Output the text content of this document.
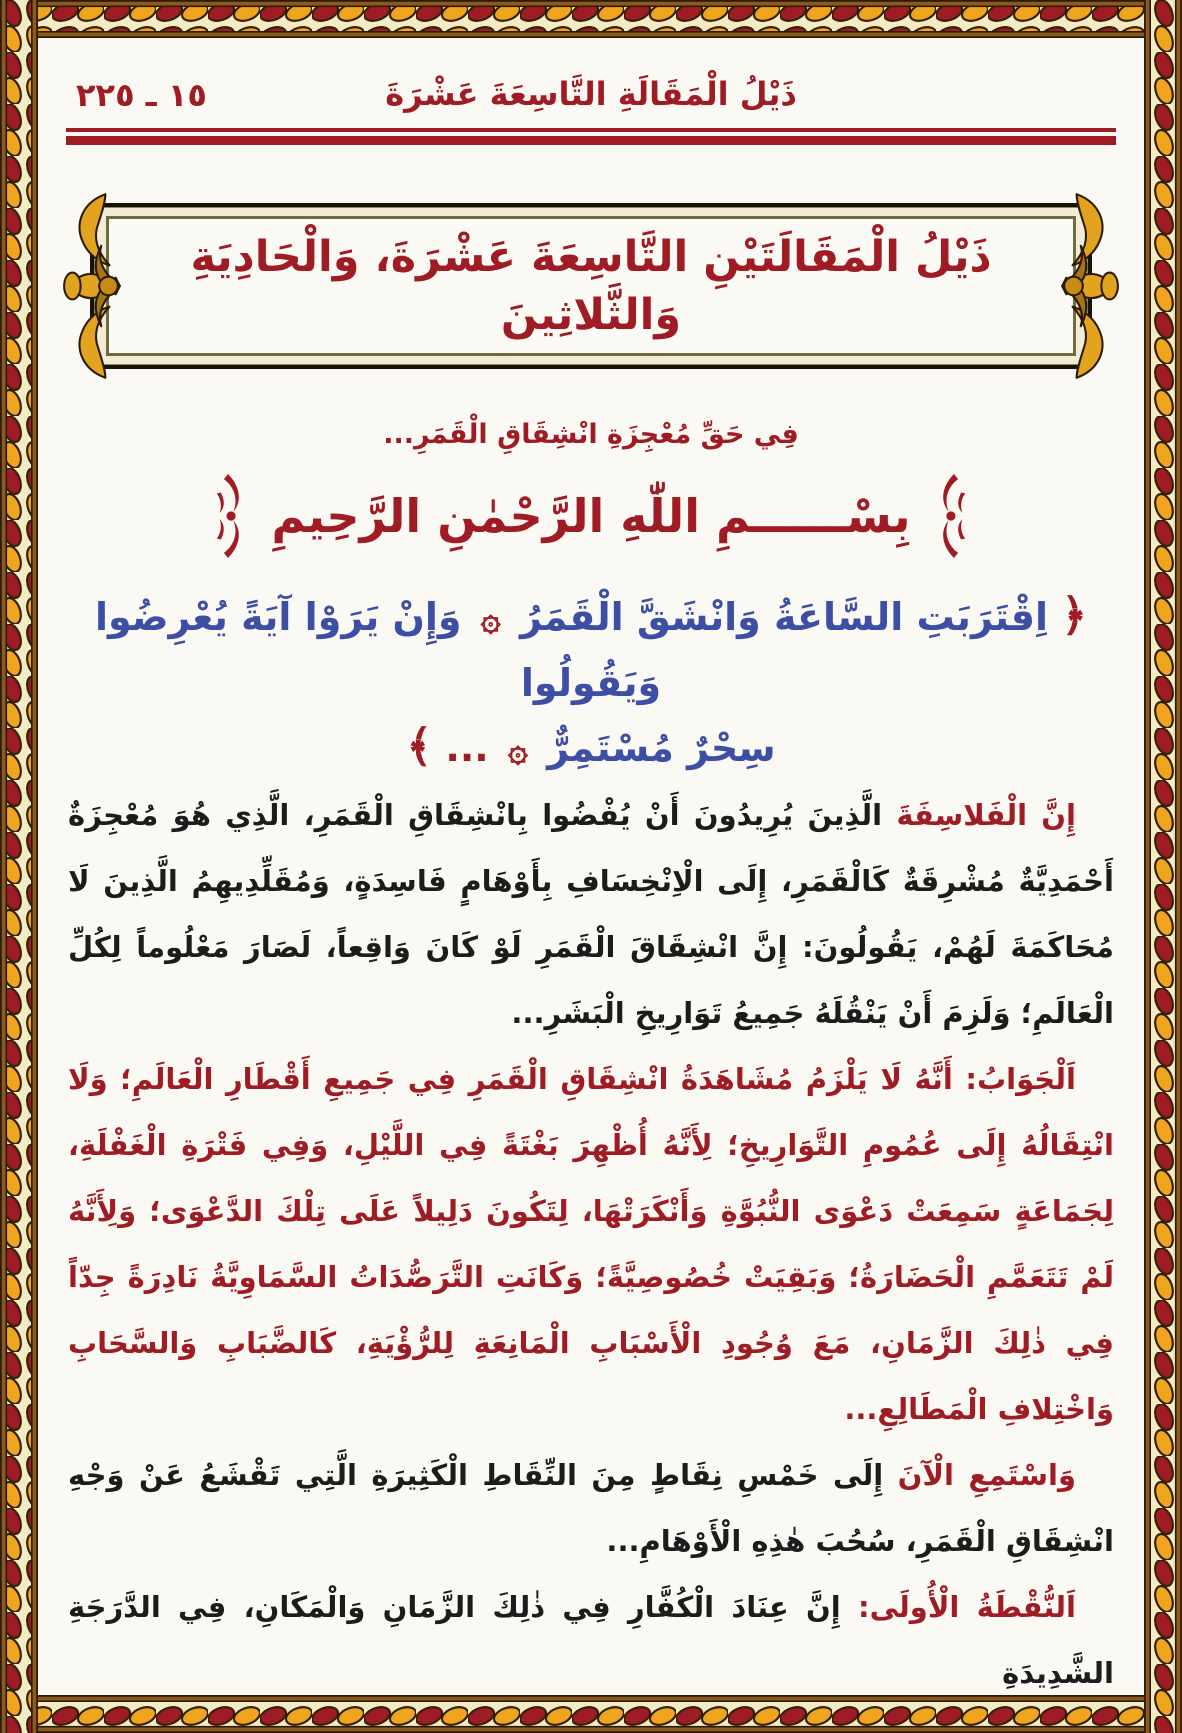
ذَيْلُ الْمَقَالَةِ التَّاسِعَةَ عَشْرَةَ
١٥ ـ ٢٢٥
ذَيْلُ الْمَقَالَتَيْنِ التَّاسِعَةَ عَشْرَةَ، وَالْحَادِيَةِ وَالثَّلاثِينَ
فِي حَقِّ مُعْجِزَةِ انْشِقَاقِ الْقَمَرِ...
بِسْــــــمِ اللّٰهِ الرَّحْمٰنِ الرَّحِيمِ
﴿ اِقْتَرَبَتِ السَّاعَةُ وَانْشَقَّ الْقَمَرُ ۞ وَإِنْ يَرَوْا آيَةً يُعْرِضُوا وَيَقُولُوا
سِحْرٌ مُسْتَمِرٌّ ۞ ... ﴾

إِنَّ الْفَلاسِفَةَ الَّذِينَ يُرِيدُونَ أَنْ يُفْضُوا بِانْشِقَاقِ الْقَمَرِ، الَّذِي هُوَ مُعْجِزَةٌ أَحْمَدِيَّةٌ مُشْرِقَةٌ كَالْقَمَرِ، إِلَى الْاِنْخِسَافِ بِأَوْهَامٍ فَاسِدَةٍ، وَمُقَلِّدِيهِمُ الَّذِينَ لَا مُحَاكَمَةَ لَهُمْ، يَقُولُونَ: إِنَّ انْشِقَاقَ الْقَمَرِ لَوْ كَانَ وَاقِعاً، لَصَارَ مَعْلُوماً لِكُلِّ الْعَالَمِ؛ وَلَزِمَ أَنْ يَنْقُلَهُ جَمِيعُ تَوَارِيخِ الْبَشَرِ...

اَلْجَوَابُ: أَنَّهُ لَا يَلْزَمُ مُشَاهَدَةُ انْشِقَاقِ الْقَمَرِ فِي جَمِيعِ أَقْطَارِ الْعَالَمِ؛ وَلَا انْتِقَالُهُ إِلَى عُمُومِ التَّوَارِيخِ؛ لِأَنَّهُ أُظْهِرَ بَغْتَةً فِي اللَّيْلِ، وَفِي فَتْرَةِ الْغَفْلَةِ، لِجَمَاعَةٍ سَمِعَتْ دَعْوَى النُّبُوَّةِ وَأَنْكَرَتْهَا، لِتَكُونَ دَلِيلاً عَلَى تِلْكَ الدَّعْوَى؛ وَلِأَنَّهُ لَمْ تَتَعَمَّمِ الْحَضَارَةُ؛ وَبَقِيَتْ خُصُوصِيَّةً؛ وَكَانَتِ التَّرَصُّدَاتُ السَّمَاوِيَّةُ نَادِرَةً جِدّاً فِي ذٰلِكَ الزَّمَانِ، مَعَ وُجُودِ الْأَسْبَابِ الْمَانِعَةِ لِلرُّؤْيَةِ، كَالضَّبَابِ وَالسَّحَابِ وَاخْتِلافِ الْمَطَالِعِ...

وَاسْتَمِعِ الْآنَ إِلَى خَمْسِ نِقَاطٍ مِنَ النِّقَاطِ الْكَثِيرَةِ الَّتِي تَقْشَعُ عَنْ وَجْهِ انْشِقَاقِ الْقَمَرِ، سُحُبَ هٰذِهِ الْأَوْهَامِ...

اَلنُّقْطَةُ الْأُولَى: إِنَّ عِنَادَ الْكُفَّارِ فِي ذٰلِكَ الزَّمَانِ وَالْمَكَانِ، فِي الدَّرَجَةِ الشَّدِيدَةِ
